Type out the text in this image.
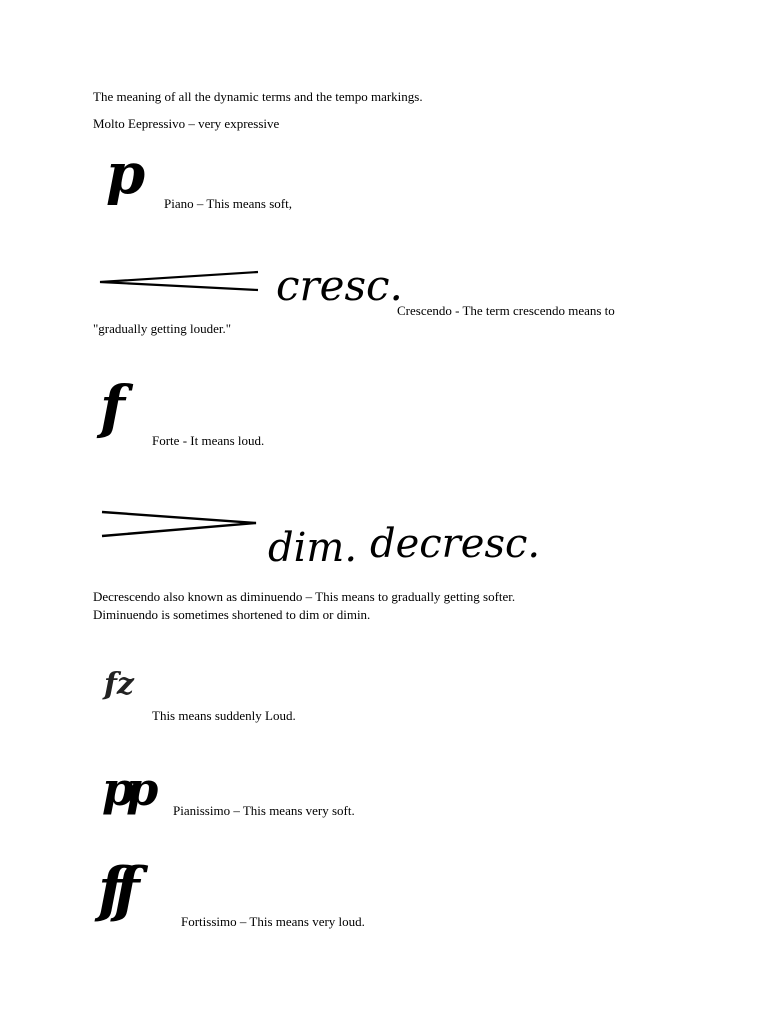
The meaning of all the dynamic terms and the tempo markings.
Molto Eepressivo – very expressive
p Piano – This means soft,
cresc.
Crescendo - The term crescendo means to
"gradually getting louder."
f Forte - It means loud.
dim. decresc.
Decrescendo also known as diminuendo – This means to gradually getting softer.
Diminuendo is sometimes shortened to dim or dimin.
fz
This means suddenly Loud.
pp Pianissimo – This means very soft.
ff	Fortissimo – This means very loud.
